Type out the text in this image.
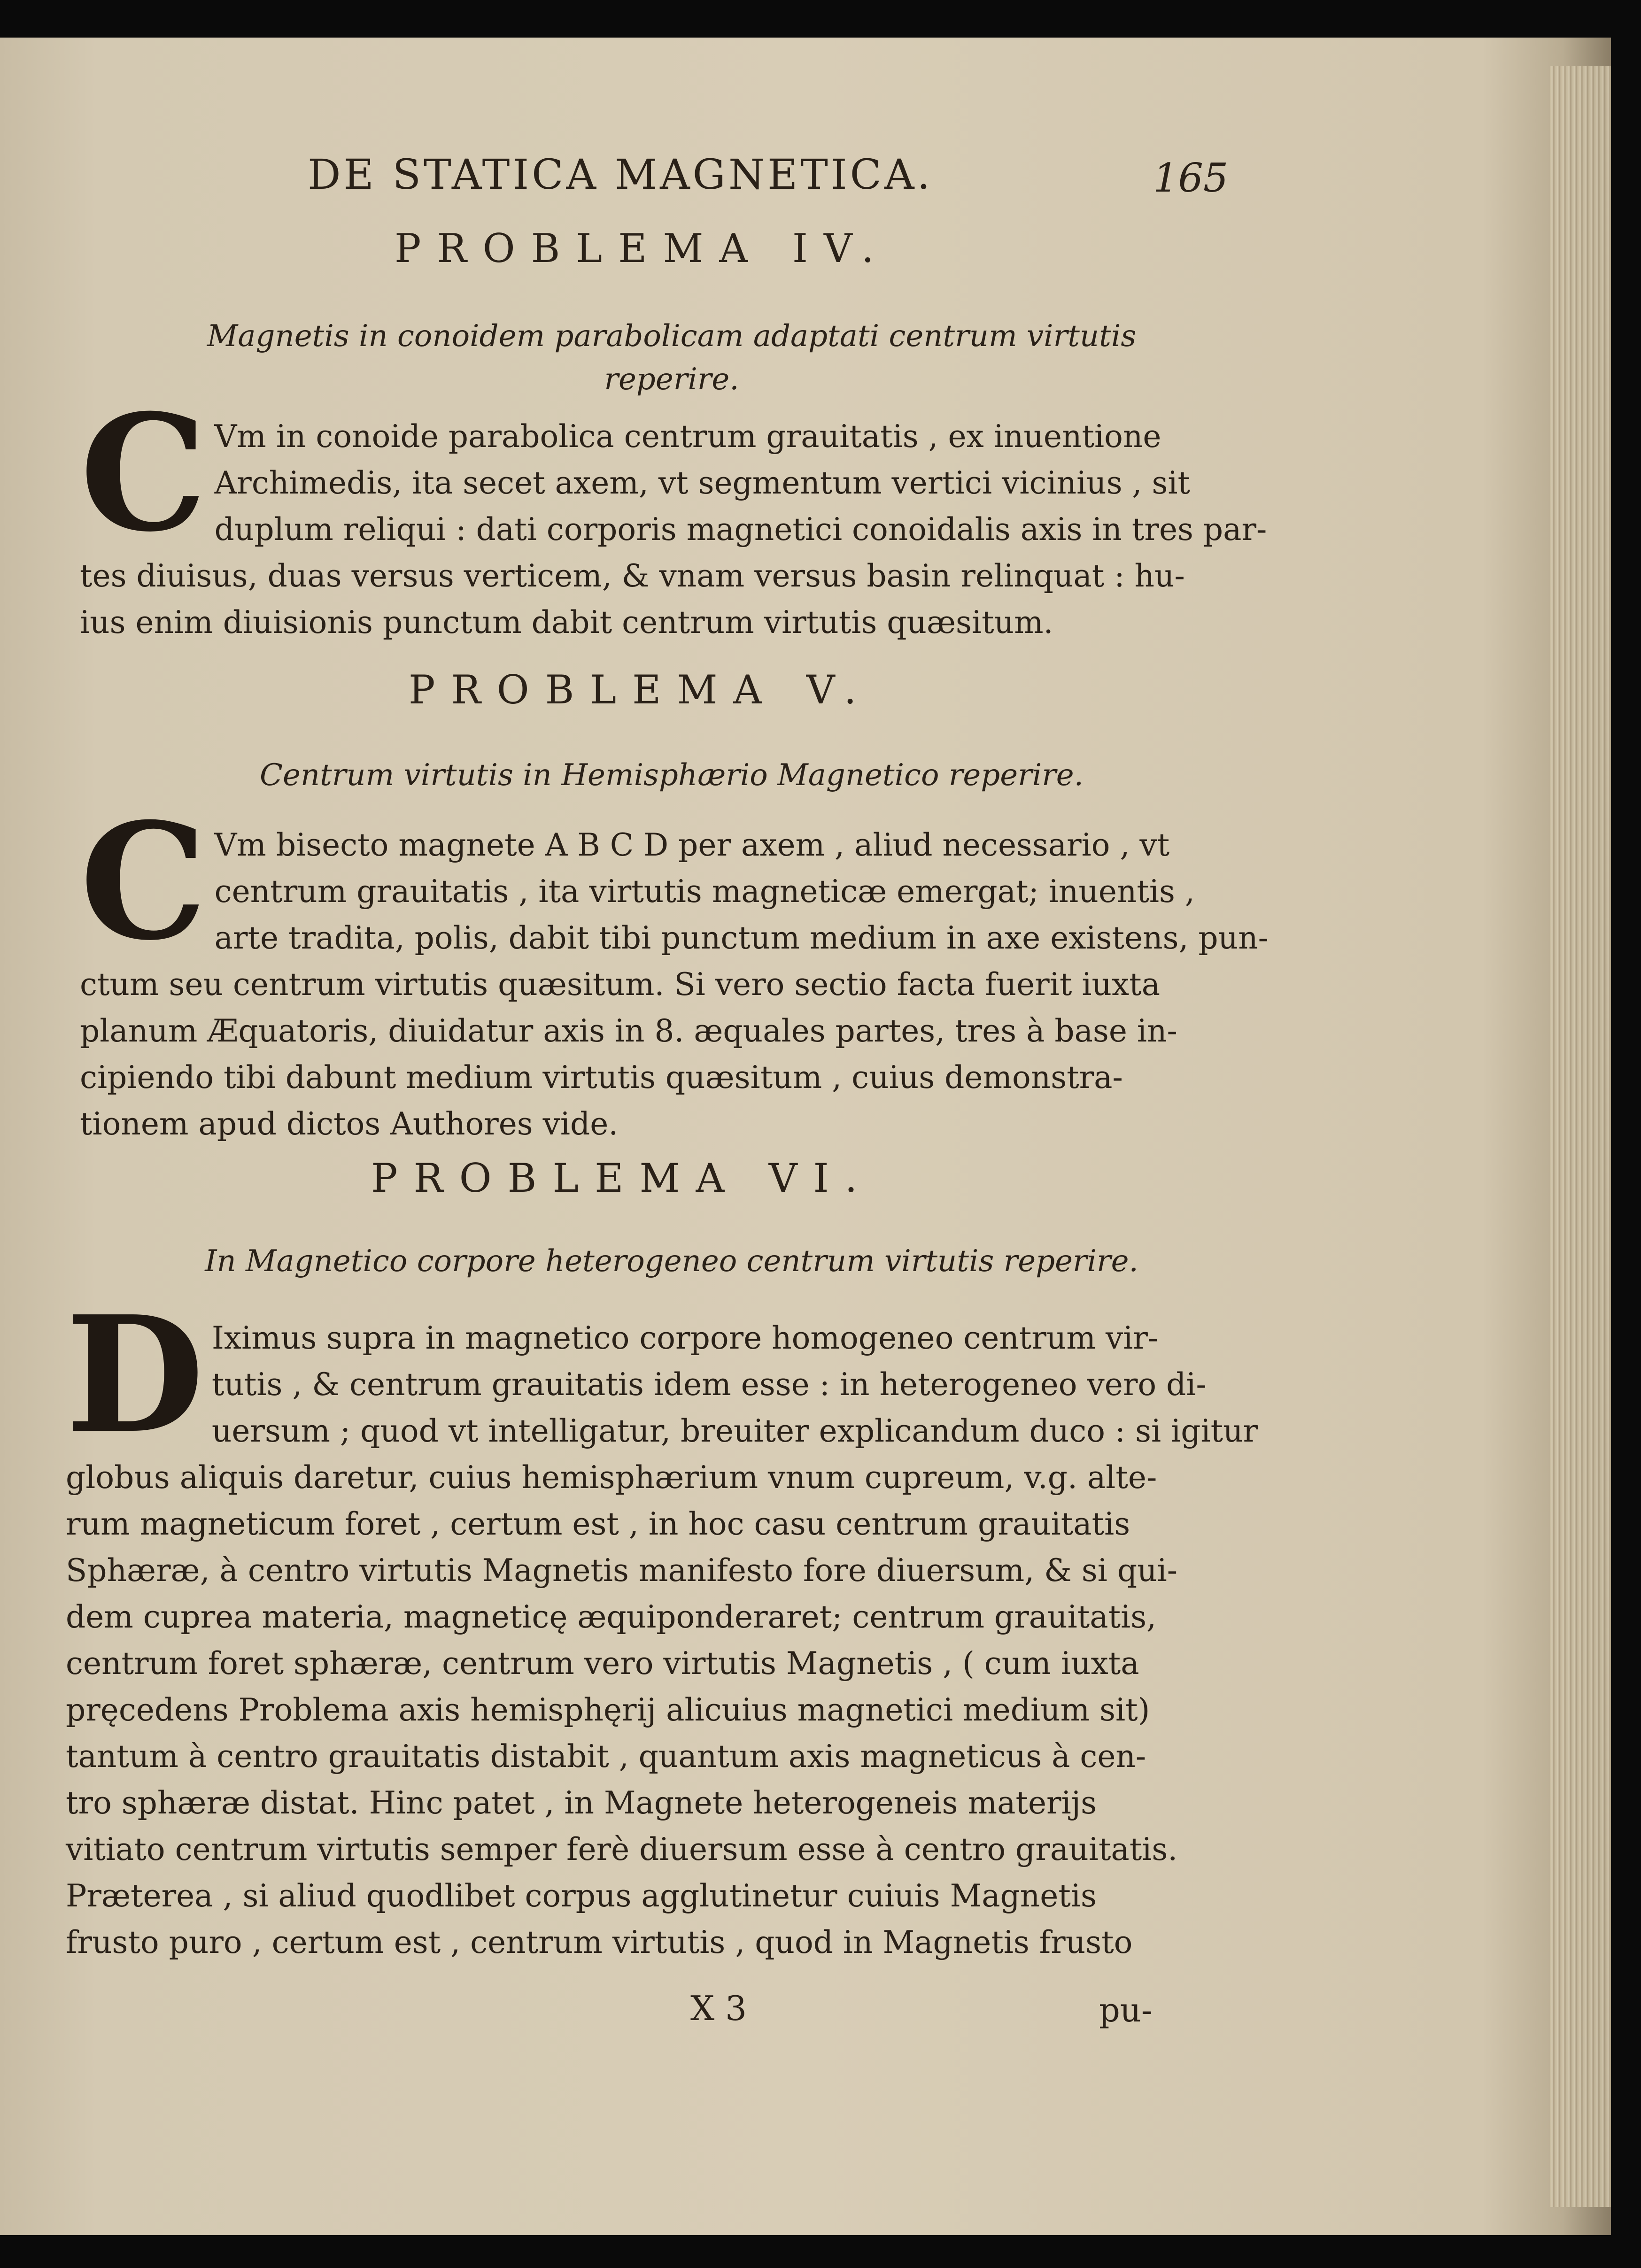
DE STATICA MAGNETICA.	165
PROBLEMA IV.
Magnetis in conoidem parabolicam adaptati centrum virtutis
reperire.
C Vm in conoide parabolica centrum grauitatis , ex inuentione
Archimedis, ita secet axem, vt segmentum vertici vicinius , sit
duplum reliqui : dati corporis magnetici conoidalis axis in tres par-
tes diuisus, duas versus verticem, & vnam versus basin relinquat : hu-
ius enim diuisionis punctum dabit centrum virtutis quæsitum.
PROBLEMA V.
Centrum virtutis in Hemisphærio Magnetico reperire.
C Vm bisecto magnete A B C D per axem , aliud necessario , vt
centrum grauitatis , ita virtutis magneticæ emergat; inuentis ,
arte tradita, polis, dabit tibi punctum medium in axe existens, pun-
ctum seu centrum virtutis quæsitum. Si vero sectio facta fuerit iuxta
planum Æquatoris, diuidatur axis in 8. æquales partes, tres à base in-
cipiendo tibi dabunt medium virtutis quæsitum , cuius demonstra-
tionem apud dictos Authores vide.
PROBLEMA VI.
In Magnetico corpore heterogeneo centrum virtutis reperire.
D Iximus supra in magnetico corpore homogeneo centrum vir-
tutis , & centrum grauitatis idem esse : in heterogeneo vero di-
uersum ; quod vt intelligatur, breuiter explicandum duco : si igitur
globus aliquis daretur, cuius hemisphærium vnum cupreum, v.g. alte-
rum magneticum foret , certum est , in hoc casu centrum grauitatis
Sphæræ, à centro virtutis Magnetis manifesto fore diuersum, & si qui-
dem cuprea materia, magneticę æquiponderaret; centrum grauitatis,
centrum foret sphæræ, centrum vero virtutis Magnetis , ( cum iuxta
pręcedens Problema axis hemisphęrij alicuius magnetici medium sit)
tantum à centro grauitatis distabit , quantum axis magneticus à cen-
tro sphæræ distat. Hinc patet , in Magnete heterogeneis materijs
vitiato centrum virtutis semper ferè diuersum esse à centro grauitatis.
Præterea , si aliud quodlibet corpus agglutinetur cuiuis Magnetis
frusto puro , certum est , centrum virtutis , quod in Magnetis frusto
X 3	pu-
